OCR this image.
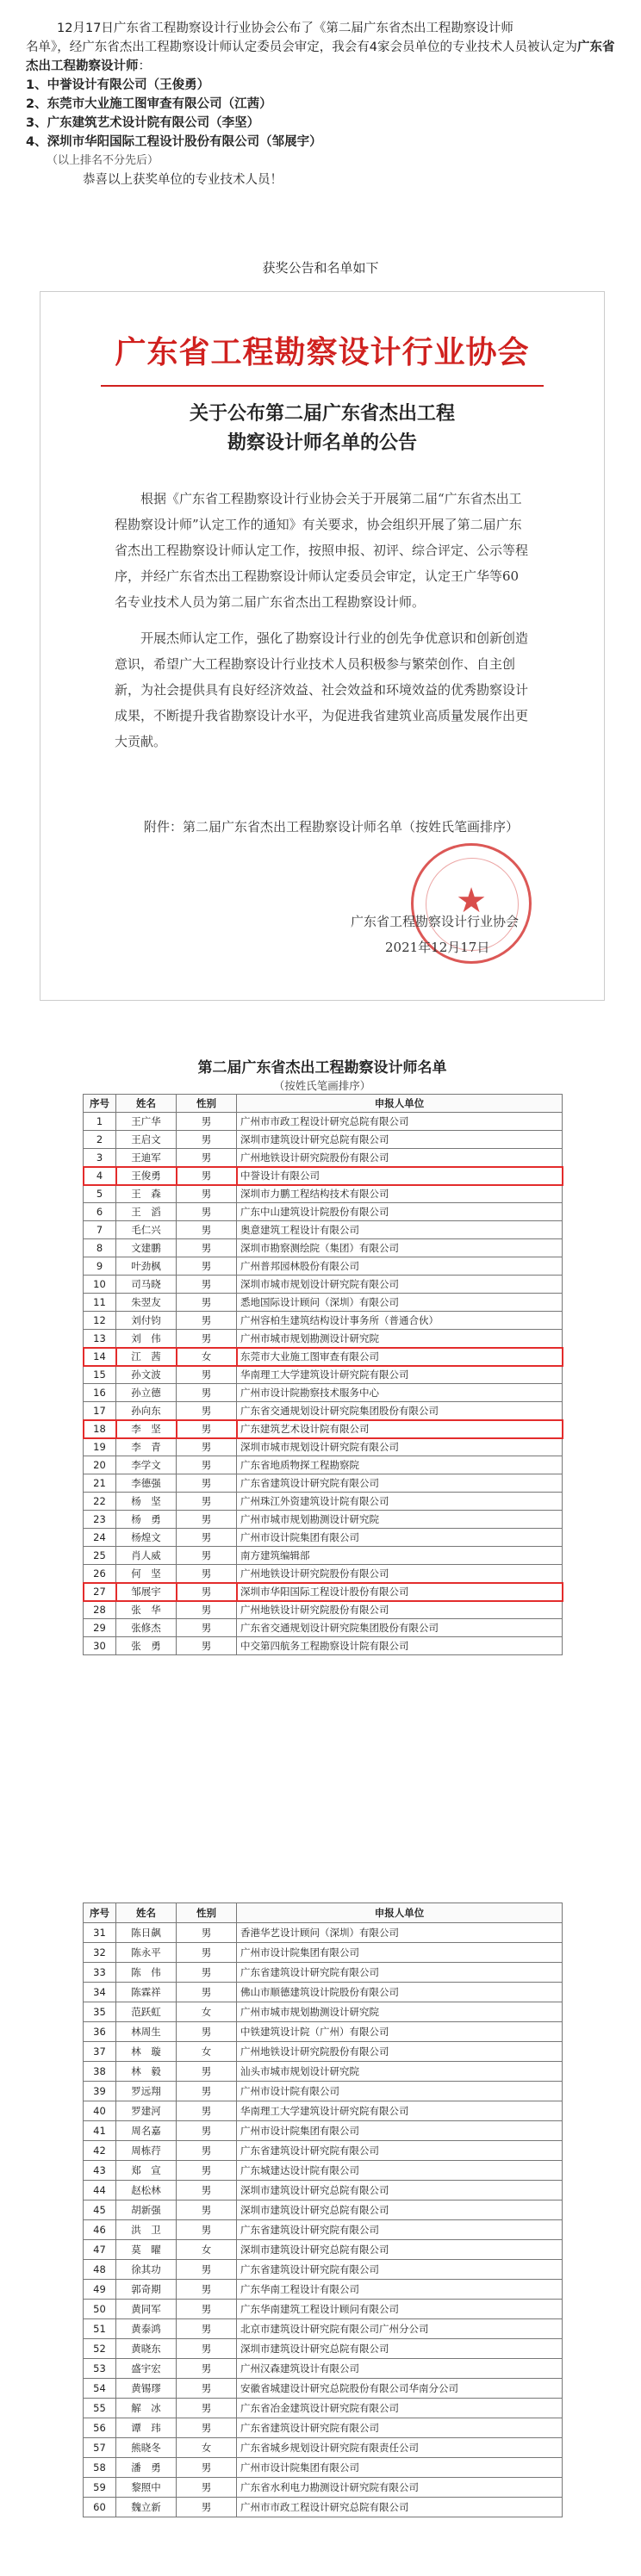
12月17日广东省工程勘察设计行业协会公布了《第二届广东省杰出工程勘察设计师

名单》，经广东省杰出工程勘察设计师认定委员会审定，我会有4家会员单位的专业技术人员被认定为广东省杰出工程勘察设计师：

1、中誉设计有限公司（王俊勇）

2、东莞市大业施工图审查有限公司（江茜）

3、广东建筑艺术设计院有限公司（李坚）

4、深圳市华阳国际工程设计股份有限公司（邹展宇）

（以上排名不分先后）

恭喜以上获奖单位的专业技术人员！

获奖公告和名单如下
广东省工程勘察设计行业协会
关于公布第二届广东省杰出工程
勘察设计师名单的公告

根据《广东省工程勘察设计行业协会关于开展第二届“广东省杰出工程勘察设计师”认定工作的通知》有关要求，协会组织开展了第二届广东省杰出工程勘察设计师认定工作，按照申报、初评、综合评定、公示等程序，并经广东省杰出工程勘察设计师认定委员会审定，认定王广华等60名专业技术人员为第二届广东省杰出工程勘察设计师。

开展杰师认定工作，强化了勘察设计行业的创先争优意识和创新创造意识，希望广大工程勘察设计行业技术人员积极参与繁荣创作、自主创新，为社会提供具有良好经济效益、社会效益和环境效益的优秀勘察设计成果，不断提升我省勘察设计水平，为促进我省建筑业高质量发展作出更大贡献。

附件：第二届广东省杰出工程勘察设计师名单（按姓氏笔画排序）
★
广东省工程勘察设计行业协会
2021年12月17日
第二届广东省杰出工程勘察设计师名单
（按姓氏笔画排序）
序号	姓名	性别	申报人单位
1	王广华	男	广州市市政工程设计研究总院有限公司
2	王启文	男	深圳市建筑设计研究总院有限公司
3	王迪军	男	广州地铁设计研究院股份有限公司
4	王俊勇	男	中誉设计有限公司
5	王　森	男	深圳市力鹏工程结构技术有限公司
6	王　滔	男	广东中山建筑设计院股份有限公司
7	毛仁兴	男	奥意建筑工程设计有限公司
8	文建鹏	男	深圳市勘察测绘院（集团）有限公司
9	叶劲枫	男	广州普邦园林股份有限公司
10	司马晓	男	深圳市城市规划设计研究院有限公司
11	朱翌友	男	悉地国际设计顾问（深圳）有限公司
12	刘付钧	男	广州容柏生建筑结构设计事务所（普通合伙）
13	刘　伟	男	广州市城市规划勘测设计研究院
14	江　茜	女	东莞市大业施工图审查有限公司
15	孙文波	男	华南理工大学建筑设计研究院有限公司
16	孙立德	男	广州市设计院勘察技术服务中心
17	孙向东	男	广东省交通规划设计研究院集团股份有限公司
18	李　坚	男	广东建筑艺术设计院有限公司
19	李　青	男	深圳市城市规划设计研究院有限公司
20	李学文	男	广东省地质物探工程勘察院
21	李德强	男	广东省建筑设计研究院有限公司
22	杨　坚	男	广州珠江外资建筑设计院有限公司
23	杨　勇	男	广州市城市规划勘测设计研究院
24	杨煌文	男	广州市设计院集团有限公司
25	肖人威	男	南方建筑编辑部
26	何　坚	男	广州地铁设计研究院股份有限公司
27	邹展宇	男	深圳市华阳国际工程设计股份有限公司
28	张　华	男	广州地铁设计研究院股份有限公司
29	张修杰	男	广东省交通规划设计研究院集团股份有限公司
30	张　勇	男	中交第四航务工程勘察设计院有限公司
序号	姓名	性别	申报人单位
31	陈日飙	男	香港华艺设计顾问（深圳）有限公司
32	陈永平	男	广州市设计院集团有限公司
33	陈　伟	男	广东省建筑设计研究院有限公司
34	陈霖祥	男	佛山市顺德建筑设计院股份有限公司
35	范跃虹	女	广州市城市规划勘测设计研究院
36	林周生	男	中铁建筑设计院（广州）有限公司
37	林　璇	女	广州地铁设计研究院股份有限公司
38	林　毅	男	汕头市城市规划设计研究院
39	罗远翔	男	广州市设计院有限公司
40	罗建河	男	华南理工大学建筑设计研究院有限公司
41	周名嘉	男	广州市设计院集团有限公司
42	周栋荇	男	广东省建筑设计研究院有限公司
43	郑　宣	男	广东城建达设计院有限公司
44	赵松林	男	深圳市建筑设计研究总院有限公司
45	胡新强	男	深圳市建筑设计研究总院有限公司
46	洪　卫	男	广东省建筑设计研究院有限公司
47	莫　曜	女	深圳市建筑设计研究总院有限公司
48	徐其功	男	广东省建筑设计研究院有限公司
49	郭奇期	男	广东华南工程设计有限公司
50	黄同军	男	广东华南建筑工程设计顾问有限公司
51	黄泰鸿	男	北京市建筑设计研究院有限公司广州分公司
52	黄晓东	男	深圳市建筑设计研究总院有限公司
53	盛宇宏	男	广州汉森建筑设计有限公司
54	黄锡璆	男	安徽省城建设计研究总院股份有限公司华南分公司
55	解　冰	男	广东省冶金建筑设计研究院有限公司
56	谭　玮	男	广东省建筑设计研究院有限公司
57	熊晓冬	女	广东省城乡规划设计研究院有限责任公司
58	潘　勇	男	广州市设计院集团有限公司
59	黎照中	男	广东省水利电力勘测设计研究院有限公司
60	魏立新	男	广州市市政工程设计研究总院有限公司
